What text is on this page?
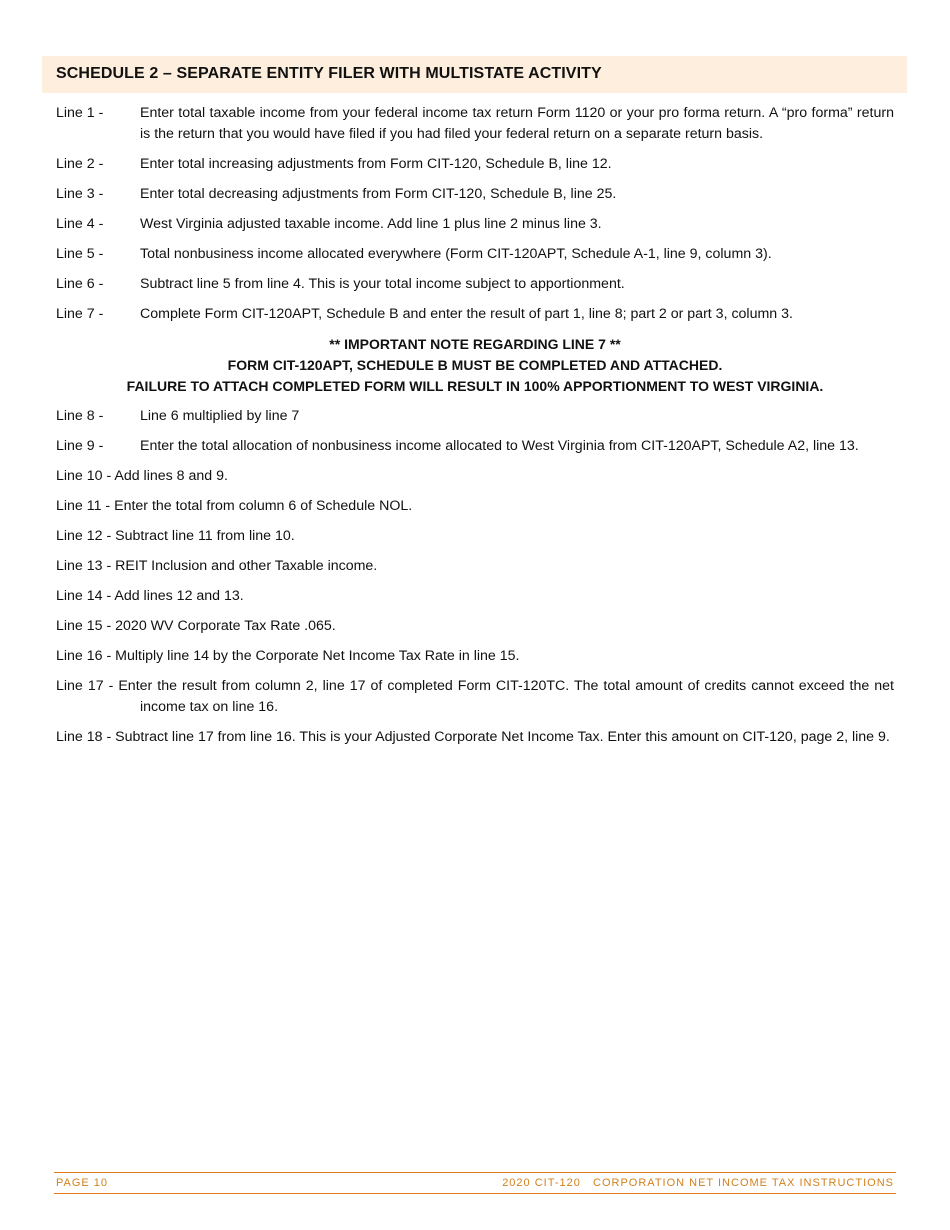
SCHEDULE 2 – SEPARATE ENTITY FILER WITH MULTISTATE ACTIVITY
Line 1 -	Enter total taxable income from your federal income tax return Form 1120 or your pro forma return. A “pro forma” return is the return that you would have filed if you had filed your federal return on a separate return basis.
Line 2 -	Enter total increasing adjustments from Form CIT-120, Schedule B, line 12.
Line 3 -	Enter total decreasing adjustments from Form CIT-120, Schedule B, line 25.
Line 4 -	West Virginia adjusted taxable income. Add line 1 plus line 2 minus line 3.
Line 5 -	Total nonbusiness income allocated everywhere (Form CIT-120APT, Schedule A-1, line 9, column 3).
Line 6 -	Subtract line 5 from line 4. This is your total income subject to apportionment.
Line 7 -	Complete Form CIT-120APT, Schedule B and enter the result of part 1, line 8; part 2 or part 3, column 3.
** IMPORTANT NOTE REGARDING LINE 7 **
FORM CIT-120APT, SCHEDULE B MUST BE COMPLETED AND ATTACHED.
FAILURE TO ATTACH COMPLETED FORM WILL RESULT IN 100% APPORTIONMENT TO WEST VIRGINIA.
Line 8 -	Line 6 multiplied by line 7
Line 9 -	Enter the total allocation of nonbusiness income allocated to West Virginia from CIT-120APT, Schedule A2, line 13.
Line 10 - Add lines 8 and 9.
Line 11 - Enter the total from column 6 of Schedule NOL.
Line 12 - Subtract line 11 from line 10.
Line 13 - REIT Inclusion and other Taxable income.
Line 14 - Add lines 12 and 13.
Line 15 - 2020 WV Corporate Tax Rate .065.
Line 16 - Multiply line 14 by the Corporate Net Income Tax Rate in line 15.
Line 17 - Enter the result from column 2, line 17 of completed Form CIT-120TC. The total amount of credits cannot exceed the net income tax on line 16.
Line 18 - Subtract line 17 from line 16. This is your Adjusted Corporate Net Income Tax. Enter this amount on CIT-120, page 2, line 9.
PAGE 10	2020 CIT-120   CORPORATION NET INCOME TAX INSTRUCTIONS
